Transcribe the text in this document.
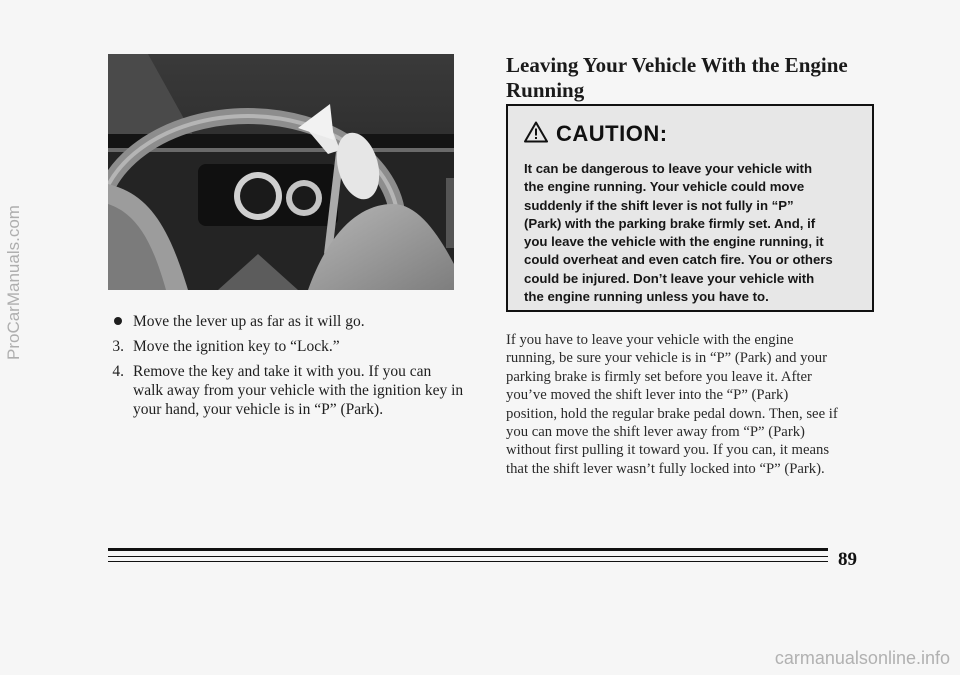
Move the lever up as far as it will go.
3. Move the ignition key to “Lock.”
4. Remove the key and take it with you. If you can
walk away from your vehicle with the ignition key in
your hand, your vehicle is in “P” (Park).
Leaving Your Vehicle With the Engine
Running
CAUTION:
It can be dangerous to leave your vehicle with
the engine running. Your vehicle could move
suddenly if the shift lever is not fully in “P”
(Park) with the parking brake firmly set. And, if
you leave the vehicle with the engine running, it
could overheat and even catch fire. You or others
could be injured. Don’t leave your vehicle with
the engine running unless you have to.
If you have to leave your vehicle with the engine
running, be sure your vehicle is in “P” (Park) and your
parking brake is firmly set before you leave it. After
you’ve moved the shift lever into the “P” (Park)
position, hold the regular brake pedal down. Then, see if
you can move the shift lever away from “P” (Park)
without first pulling it toward you. If you can, it means
that the shift lever wasn’t fully locked into “P” (Park).
89
ProCarManuals.com
carmanualsonline.info
